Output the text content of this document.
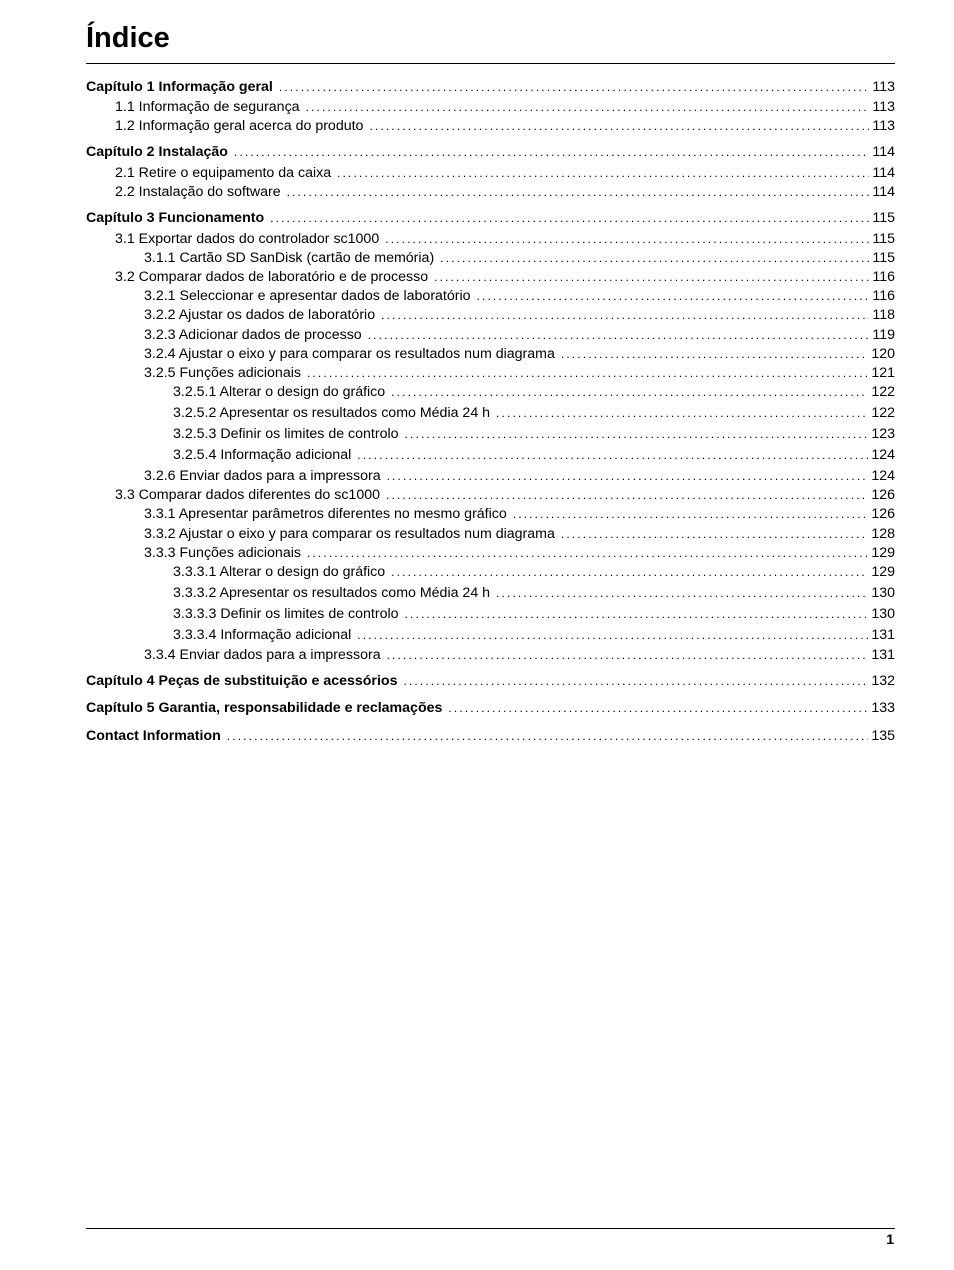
Índice
Capítulo 1 Informação geral . . .	113
1.1 Informação de segurança . . .	113
1.2 Informação geral acerca do produto . . .	113
Capítulo 2 Instalação . . .	114
2.1 Retire o equipamento da caixa . . .	114
2.2 Instalação do software . . .	114
Capítulo 3 Funcionamento . . .	115
3.1 Exportar dados do controlador sc1000 . . .	115
3.1.1 Cartão SD SanDisk (cartão de memória) . . .	115
3.2 Comparar dados de laboratório e de processo . . .	116
3.2.1 Seleccionar e apresentar dados de laboratório . . .	116
3.2.2 Ajustar os dados de laboratório . . .	118
3.2.3 Adicionar dados de processo . . .	119
3.2.4 Ajustar o eixo y para comparar os resultados num diagrama . . .	120
3.2.5 Funções adicionais . . .	121
3.2.5.1 Alterar o design do gráfico . . .	122
3.2.5.2 Apresentar os resultados como Média 24 h . . .	122
3.2.5.3 Definir os limites de controlo . . .	123
3.2.5.4 Informação adicional . . .	124
3.2.6 Enviar dados para a impressora . . .	124
3.3 Comparar dados diferentes do sc1000 . . .	126
3.3.1 Apresentar parâmetros diferentes no mesmo gráfico . . .	126
3.3.2 Ajustar o eixo y para comparar os resultados num diagrama . . .	128
3.3.3 Funções adicionais . . .	129
3.3.3.1 Alterar o design do gráfico . . .	129
3.3.3.2 Apresentar os resultados como Média 24 h . . .	130
3.3.3.3 Definir os limites de controlo . . .	130
3.3.3.4 Informação adicional . . .	131
3.3.4 Enviar dados para a impressora . . .	131
Capítulo 4 Peças de substituição e acessórios . . .	132
Capítulo 5 Garantia, responsabilidade e reclamações . . .	133
Contact Information . . .	135
1
